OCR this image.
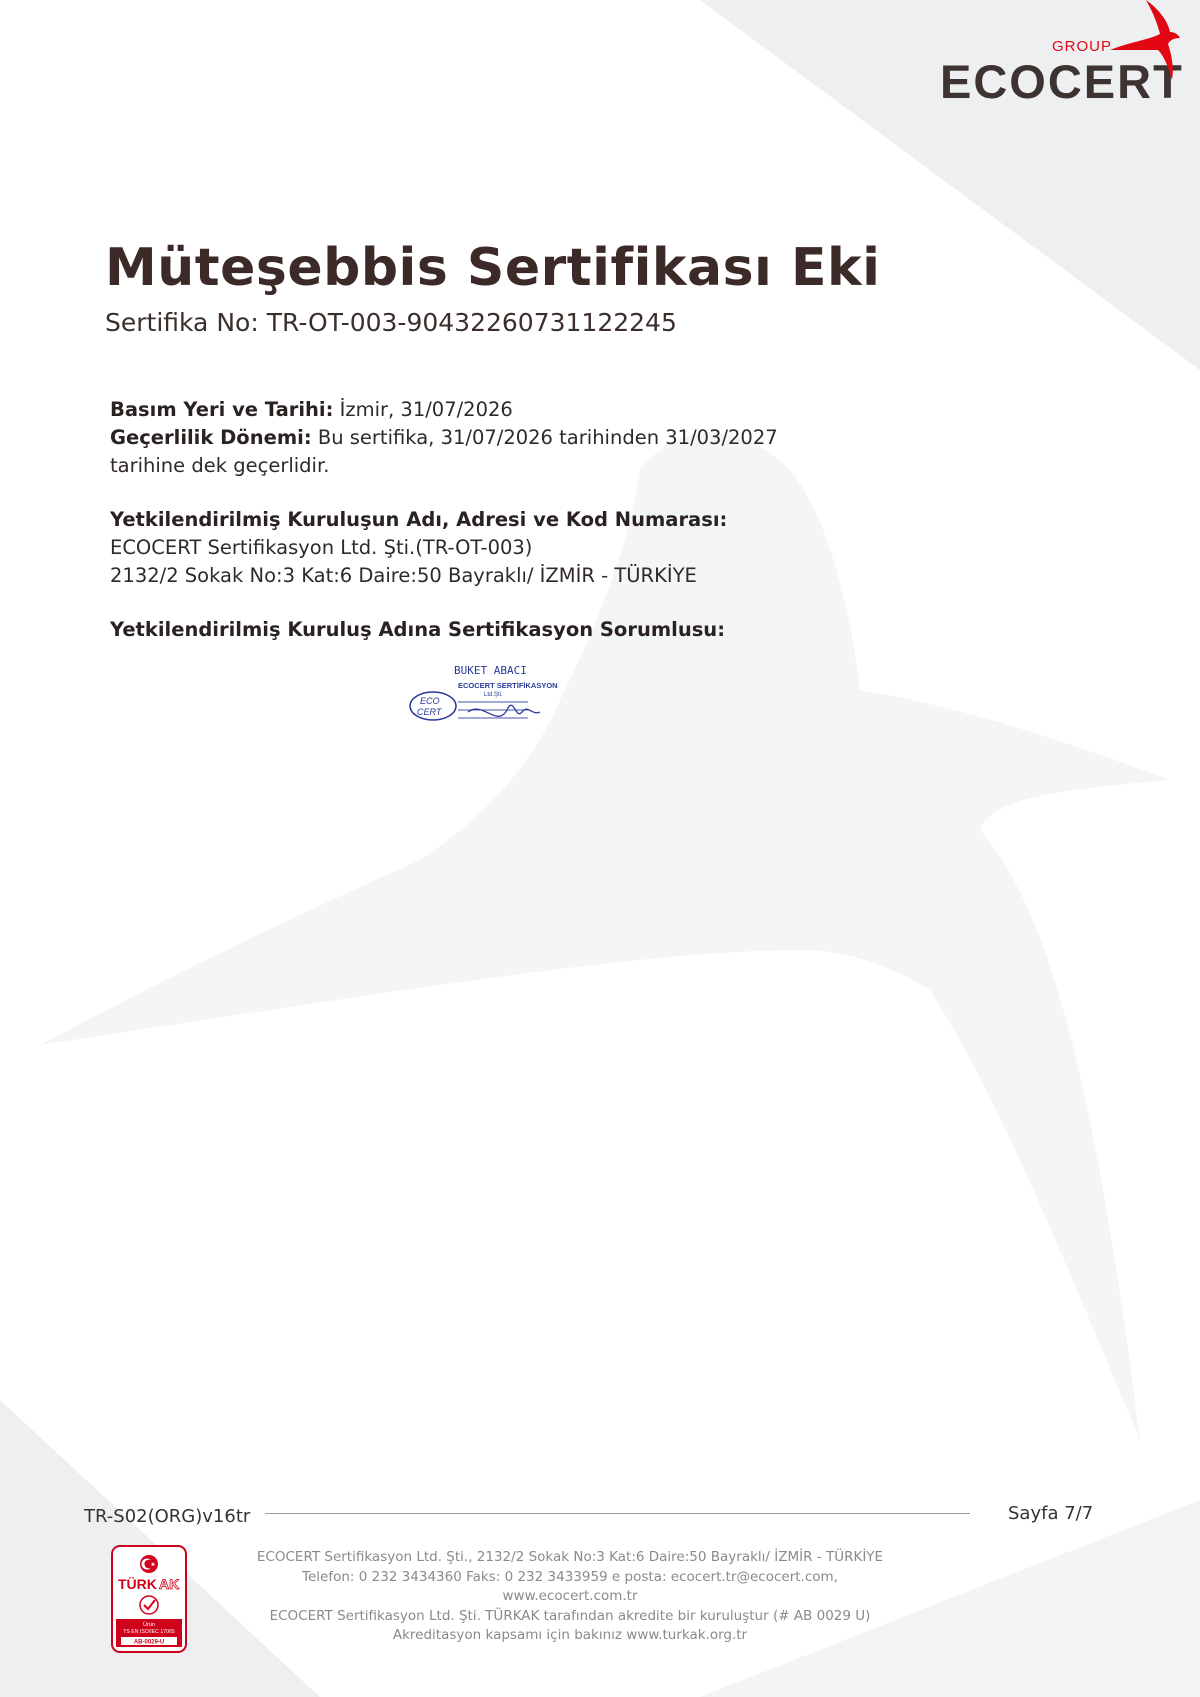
GROUP
ECOCERT
Müteşebbis Sertifikası Eki
Sertifika No: TR-OT-003-90432260731122245
Basım Yeri ve Tarihi: İzmir, 31/07/2026
Geçerlilik Dönemi: Bu sertifika, 31/07/2026 tarihinden 31/03/2027
tarihine dek geçerlidir.
Yetkilendirilmiş Kuruluşun Adı, Adresi ve Kod Numarası:
ECOCERT Sertifikasyon Ltd. Şti.(TR-OT-003)
2132/2 Sokak No:3 Kat:6 Daire:50 Bayraklı/ İZMİR - TÜRKİYE
Yetkilendirilmiş Kuruluş Adına Sertifikasyon Sorumlusu:
BUKET ABACI
ECOCERT SERTİFİKASYON
Ltd.Şti.
ECO
CERT
TR-S02(ORG)v16tr	Sayfa 7/7
ECOCERT Sertifikasyon Ltd. Şti., 2132/2 Sokak No:3 Kat:6 Daire:50 Bayraklı/ İZMİR - TÜRKİYE
Telefon: 0 232 3434360 Faks: 0 232 3433959 e posta: ecocert.tr@ecocert.com,
www.ecocert.com.tr
ECOCERT Sertifikasyon Ltd. Şti. TÜRKAK tarafından akredite bir kuruluştur (# AB 0029 U)
Akreditasyon kapsamı için bakınız www.turkak.org.tr
TÜRK AK
Ürün
TS EN ISO/IEC 17065
AB-0029-U
